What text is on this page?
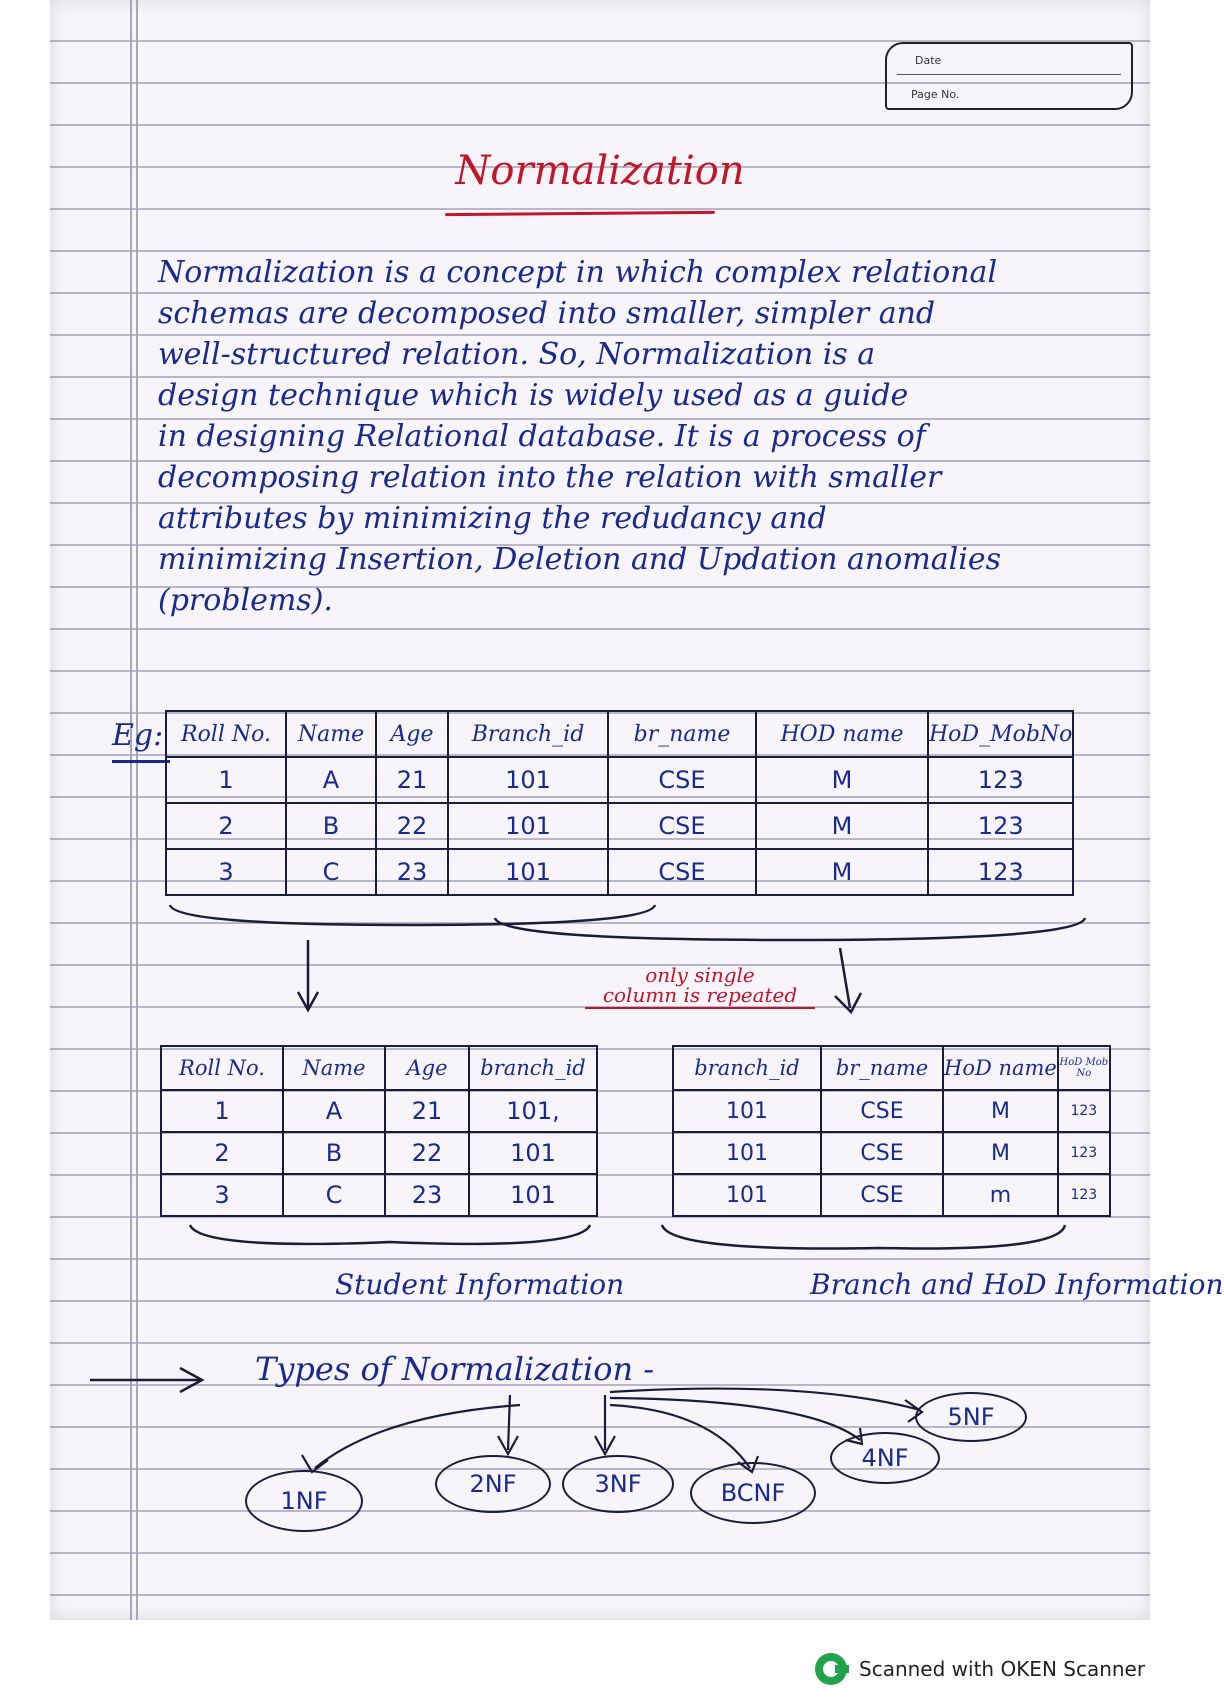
Date
Page No.
Normalization
Normalization is a concept in which complex relational
schemas are decomposed into smaller, simpler and
well-structured relation. So, Normalization is a
design technique which is widely used as a guide
in designing Relational database. It is a process of
decomposing relation into the relation with smaller
attributes by minimizing the redudancy and
minimizing Insertion, Deletion and Updation anomalies
(problems).
Eg: Roll No.	Name	Age	Branch_id	br_name	HOD name	HoD_MobNo
1	A	21	101	CSE	M	123
2	B	22	101	CSE	M	123
3	C	23	101	CSE	M	123
only single
column is repeated
Roll No.	Name	Age	branch_id
1	A	21	101,
2	B	22	101
3	C	23	101
branch_id	br_name	HoD name	HoD Mob No
101	CSE	M	123
101	CSE	M	123
101	CSE	m	123
Student Information	Branch and HoD Information
Types of Normalization -
1NF
2NF	3NF	BCNF
4NF
5NF
Scanned with OKEN Scanner
